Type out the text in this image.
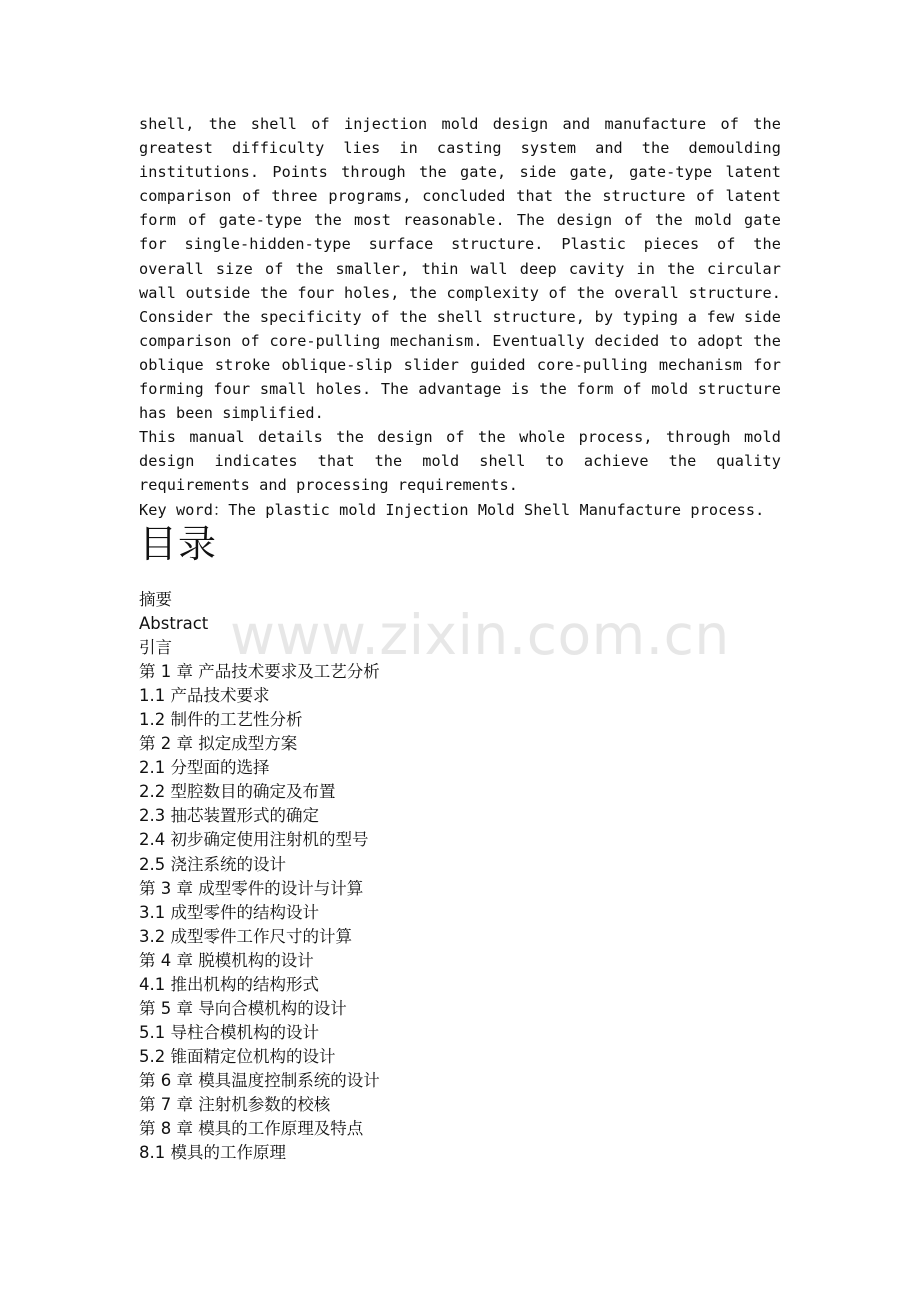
shell, the shell of injection mold design and manufacture of the greatest difficulty lies in casting system and the demoulding institutions. Points through the gate, side gate, gate-type latent comparison of three programs, concluded that the structure of latent form of gate-type the most reasonable. The design of the mold gate for single-hidden-type surface structure. Plastic pieces of the overall size of the smaller, thin wall deep cavity in the circular wall outside the four holes, the complexity of the overall structure. Consider the specificity of the shell structure, by typing a few side comparison of core-pulling mechanism. Eventually decided to adopt the oblique stroke oblique-slip slider guided core-pulling mechanism for forming four small holes. The advantage is the form of mold structure has been simplified.

This manual details the design of the whole process, through mold design indicates that the mold shell to achieve the quality requirements and processing requirements.

Key word：The plastic mold Injection Mold Shell Manufacture process.

目录
摘要
Abstract
引言
第 1 章 产品技术要求及工艺分析
1.1 产品技术要求
1.2 制件的工艺性分析
第 2 章 拟定成型方案
2.1 分型面的选择
2.2 型腔数目的确定及布置
2.3 抽芯装置形式的确定
2.4 初步确定使用注射机的型号
2.5 浇注系统的设计
第 3 章 成型零件的设计与计算
3.1 成型零件的结构设计
3.2 成型零件工作尺寸的计算
第 4 章 脱模机构的设计
4.1 推出机构的结构形式
第 5 章 导向合模机构的设计
5.1 导柱合模机构的设计
5.2 锥面精定位机构的设计
第 6 章 模具温度控制系统的设计
第 7 章 注射机参数的校核
第 8 章 模具的工作原理及特点
8.1 模具的工作原理
www.zixin.com.cn
